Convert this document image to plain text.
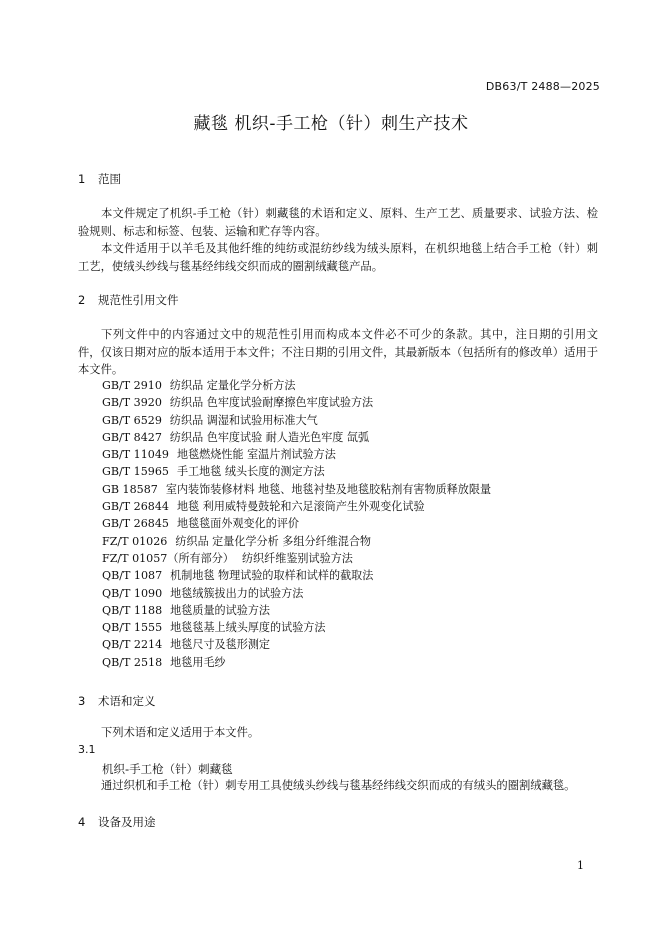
DB63/T 2488—2025
藏毯 机织-手工枪（针）刺生产技术
1 范围

本文件规定了机织-手工枪（针）刺藏毯的术语和定义、原料、生产工艺、质量要求、试验方法、检验规则、标志和标签、包装、运输和贮存等内容。

本文件适用于以羊毛及其他纤维的纯纺或混纺纱线为绒头原料，在机织地毯上结合手工枪（针）刺工艺，使绒头纱线与毯基经纬线交织而成的圈割绒藏毯产品。

2 规范性引用文件

下列文件中的内容通过文中的规范性引用而构成本文件必不可少的条款。其中，注日期的引用文件，仅该日期对应的版本适用于本文件；不注日期的引用文件，其最新版本（包括所有的修改单）适用于本文件。

GB/T 2910 纺织品 定量化学分析方法
GB/T 3920 纺织品 色牢度试验耐摩擦色牢度试验方法
GB/T 6529 纺织品 调湿和试验用标准大气
GB/T 8427 纺织品 色牢度试验 耐人造光色牢度 氙弧
GB/T 11049 地毯燃烧性能 室温片剂试验方法
GB/T 15965 手工地毯 绒头长度的测定方法
GB 18587 室内装饰装修材料 地毯、地毯衬垫及地毯胶粘剂有害物质释放限量
GB/T 26844 地毯 利用威特曼鼓轮和六足滚筒产生外观变化试验
GB/T 26845 地毯毯面外观变化的评价
FZ/T 01026 纺织品 定量化学分析 多组分纤维混合物
FZ/T 01057（所有部分） 纺织纤维鉴别试验方法
QB/T 1087 机制地毯 物理试验的取样和试样的截取法
QB/T 1090 地毯绒簇拔出力的试验方法
QB/T 1188 地毯质量的试验方法
QB/T 1555 地毯毯基上绒头厚度的试验方法
QB/T 2214 地毯尺寸及毯形测定
QB/T 2518 地毯用毛纱
3 术语和定义

下列术语和定义适用于本文件。

3.1
机织-手工枪（针）刺藏毯

通过织机和手工枪（针）刺专用工具使绒头纱线与毯基经纬线交织而成的有绒头的圈割绒藏毯。

4 设备及用途
1
